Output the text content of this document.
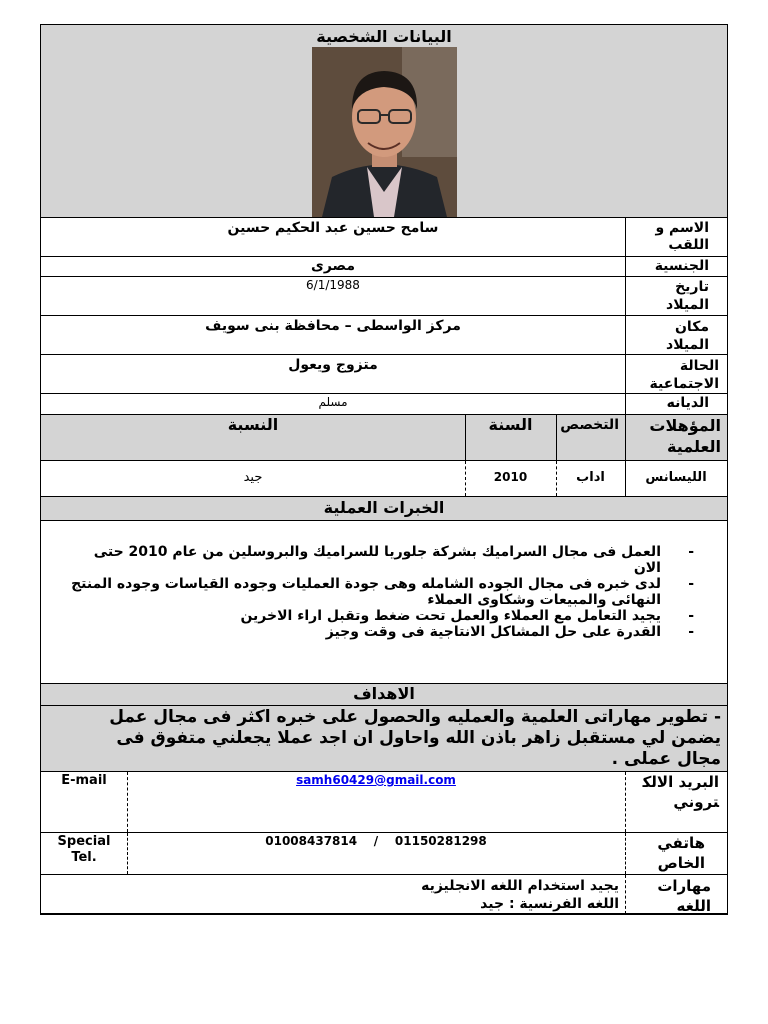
البيانات الشخصية
الاسم و اللقب
سامح حسين عبد الحكيم حسين
الجنسية
مصرى
تاريخ الميلاد
6/1/1988
مكان الميلاد
مركز الواسطى – محافظة بنى سويف
الحالة الاجتماعية
متزوج ويعول
الديانه
مسلم
المؤهلات العلمية
التخصص
السنة
النسبة
الليسانس
اداب
2010
جيد
الخبرات العملية
-
العمل فى مجال السراميك بشركة جلوريا للسراميك والبروسلين من عام 2010 حتى الان
-
لدى خبره فى مجال الجوده الشامله وهى جودة العمليات وجوده القياسات وجوده المنتج النهائى والمبيعات وشكاوى العملاء
-
يجيد التعامل مع العملاء والعمل تحت ضغط وتقبل اراء الاخرين
-
القدرة على حل المشاكل الانتاجية فى وقت وجيز
الاهداف
- تطوير مهاراتى العلمية والعمليه والحصول على خبره اكثر فى مجال عمل يضمن لي مستقبل زاهر باذن الله واحاول ان اجد عملا يجعلني متفوق فى مجال عملى .
البريد الالكتروني
samh60429@gmail.com
E-mail
هاتفي الخاص
01008437814    /    01150281298
Special Tel.
مهارات اللغه
يجيد استخدام اللغه الانجليزيه
اللغه الفرنسية : جيد
